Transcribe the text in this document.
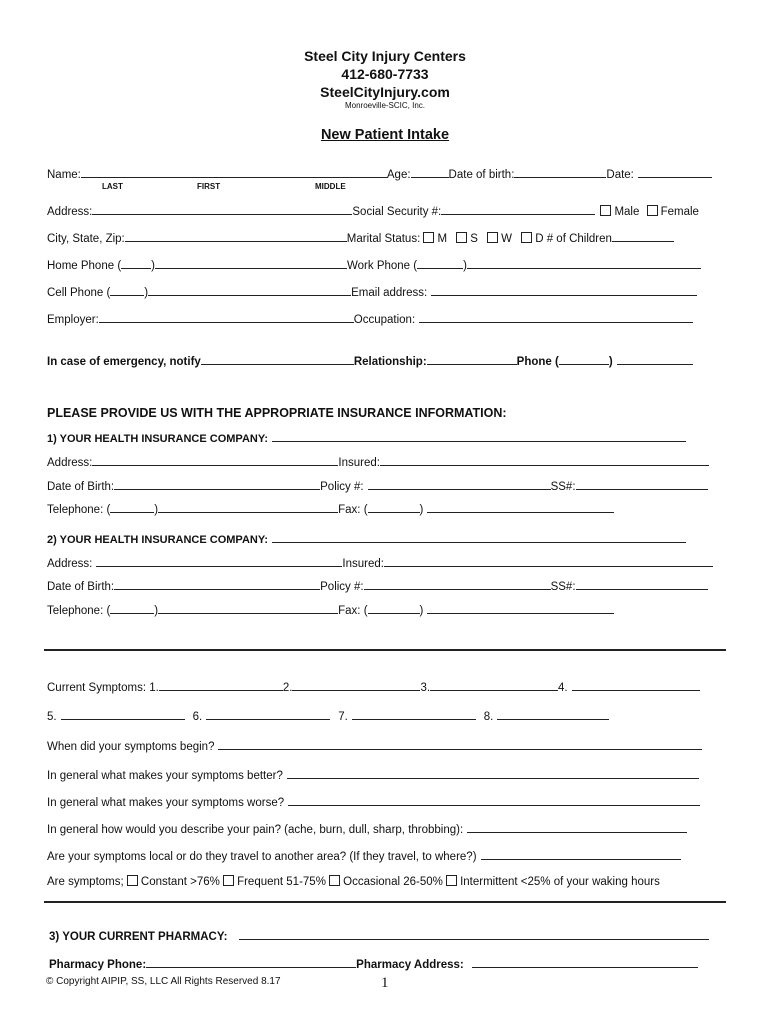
Steel City Injury Centers
412-680-7733
SteelCityInjury.com
Monroeville-SCIC, Inc.
New Patient Intake
Name:	Age:	Date of birth:	Date:
LAST	FIRST	MIDDLE
Address:	Social Security #:	Male Female
City, State, Zip:	Marital Status: M S W D # of Children
Home Phone (	)	Work Phone (	)
Cell Phone (	)	Email address:
Employer:	Occupation:
In case of emergency, notify	Relationship:	Phone (	)
PLEASE PROVIDE US WITH THE APPROPRIATE INSURANCE INFORMATION:
1) YOUR HEALTH INSURANCE COMPANY:
Address:	Insured:
Date of Birth:	Policy #:	SS#:
Telephone: (	)	Fax: (	)
2) YOUR HEALTH INSURANCE COMPANY:
Address:	Insured:
Date of Birth:	Policy #:	SS#:
Telephone: (	)	Fax: (	)
Current Symptoms: 1.	2.	3.	4.
5.	6.	7.	8.
When did your symptoms begin?
In general what makes your symptoms better?
In general what makes your symptoms worse?
In general how would you describe your pain? (ache, burn, dull, sharp, throbbing):
Are your symptoms local or do they travel to another area? (If they travel, to where?)
Are symptoms; Constant >76% Frequent 51-75% Occasional 26-50% Intermittent <25% of your waking hours
3) YOUR CURRENT PHARMACY:
Pharmacy Phone:	Pharmacy Address:
© Copyright AIPIP, SS, LLC All Rights Reserved 8.17	1
